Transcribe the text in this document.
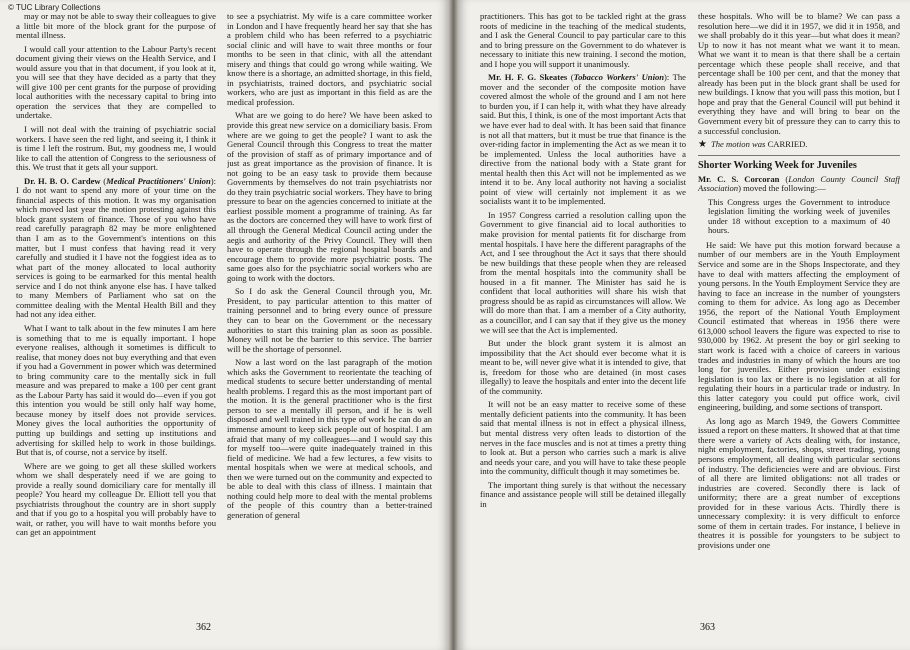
© TUC Library Collections

may or may not be able to sway their colleagues to give a little bit more of the block grant for the purpose of mental illness.

I would call your attention to the Labour Party's recent document giving their views on the Health Service, and I would assure you that in that document, if you look at it, you will see that they have decided as a party that they will give 100 per cent grants for the purpose of providing local authorities with the necessary capital to bring into operation the services that they are compelled to undertake.

I will not deal with the training of psychiatric social workers. I have seen the red light, and seeing it, I think it is time I left the rostrum. But, my goodness me, I would like to call the attention of Congress to the seriousness of this. We trust that it gets all your support.

Dr. H. B. O. Cardew (Medical Practitioners' Union): I do not want to spend any more of your time on the financial aspects of this motion. It was my organisation which moved last year the motion protesting against this block grant system of finance. Those of you who have read carefully paragraph 82 may be more enlightened than I am as to the Government's intentions on this matter, but I must confess that having read it very carefully and studied it I have not the foggiest idea as to what part of the money allocated to local authority services is going to be earmarked for this mental health service and I do not think anyone else has. I have talked to many Members of Parliament who sat on the committee dealing with the Mental Health Bill and they had not any idea either.

What I want to talk about in the few minutes I am here is something that to me is equally important. I hope everyone realises, although it sometimes is difficult to realise, that money does not buy everything and that even if you had a Government in power which was determined to bring community care to the mentally sick in full measure and was prepared to make a 100 per cent grant as the Labour Party has said it would do—even if you got this intention you would be still only half way home, because money by itself does not provide services. Money gives the local authorities the opportunity of putting up buildings and setting up institutions and advertising for skilled help to work in those buildings. But that is, of course, not a service by itself.

Where are we going to get all these skilled workers whom we shall desperately need if we are going to provide a really sound domiciliary care for mentally ill people? You heard my colleague Dr. Elliott tell you that psychiatrists throughout the country are in short supply and that if you go to a hospital you will probably have to wait, or rather, you will have to wait months before you can get an appointment

to see a psychiatrist. My wife is a care committee worker in London and I have frequently heard her say that she has a problem child who has been referred to a psychiatric social clinic and will have to wait three months or four months to be seen in that clinic, with all the attendant misery and things that could go wrong while waiting. We know there is a shortage, an admitted shortage, in this field, in psychiatrists, trained doctors, and psychiatric social workers, who are just as important in this field as are the medical profession.

What are we going to do here? We have been asked to provide this great new service on a domiciliary basis. From where are we going to get the people? I want to ask the General Council through this Congress to treat the matter of the provision of staff as of primary importance and of just as great importance as the provision of finance. It is not going to be an easy task to provide them because Governments by themselves do not train psychiatrists nor do they train psychiatric social workers. They have to bring pressure to bear on the agencies concerned to initiate at the earliest possible moment a programme of training. As far as the doctors are concerned they will have to work first of all through the General Medical Council acting under the aegis and authority of the Privy Council. They will then have to operate through the regional hospital boards and encourage them to provide more psychiatric posts. The same goes also for the psychiatric social workers who are going to work with the doctors.

So I do ask the General Council through you, Mr. President, to pay particular attention to this matter of training personnel and to bring every ounce of pressure they can to bear on the Government or the necessary authorities to start this training plan as soon as possible. Money will not be the barrier to this service. The barrier will be the shortage of personnel.

Now a last word on the last paragraph of the motion which asks the Government to reorientate the teaching of medical students to secure better understanding of mental health problems. I regard this as the most important part of the motion. It is the general practitioner who is the first person to see a mentally ill person, and if he is well disposed and well trained in this type of work he can do an immense amount to keep sick people out of hospital. I am afraid that many of my colleagues—and I would say this for myself too—were quite inadequately trained in this field of medicine. We had a few lectures, a few visits to mental hospitals when we were at medical schools, and then we were turned out on the community and expected to be able to deal with this class of illness. I maintain that nothing could help more to deal with the mental problems of the people of this country than a better-trained generation of general

362

practitioners. This has got to be tackled right at the grass roots of medicine in the teaching of the medical students, and I ask the General Council to pay particular care to this and to bring pressure on the Government to do whatever is necessary to initiate this new training. I second the motion, and I hope you will support it unanimously.

Mr. H. F. G. Skeates (Tobacco Workers' Union): The mover and the seconder of the composite motion have covered almost the whole of the ground and I am not here to burden you, if I can help it, with what they have already said. But this, I think, is one of the most important Acts that we have ever had to deal with. It has been said that finance is not all that matters, but it must be true that finance is the over-riding factor in implementing the Act as we mean it to be implemented. Unless the local authorities have a directive from the national body with a State grant for mental health then this Act will not be implemented as we intend it to be. Any local authority not having a socialist point of view will certainly not implement it as we socialists want it to be implemented.

In 1957 Congress carried a resolution calling upon the Government to give financial aid to local authorities to make provision for mental patients fit for discharge from mental hospitals. I have here the different paragraphs of the Act, and I see throughout the Act it says that there should be new buildings that these people when they are released from the mental hospitals into the community shall be housed in a fit manner. The Minister has said he is confident that local authorities will share his wish that progress should be as rapid as circumstances will allow. We will do more than that. I am a member of a City authority, as a councillor, and I can say that if they give us the money we will see that the Act is implemented.

But under the block grant system it is almost an impossibility that the Act should ever become what it is meant to be, will never give what it is intended to give, that is, freedom for those who are detained (in most cases illegally) to leave the hospitals and enter into the decent life of the community.

It will not be an easy matter to receive some of these mentally deficient patients into the community. It has been said that mental illness is not in effect a physical illness, but mental distress very often leads to distortion of the nerves in the face muscles and is not at times a pretty thing to look at. But a person who carries such a mark is alive and needs your care, and you will have to take these people into the community, difficult though it may sometimes be.

The important thing surely is that without the necessary finance and assistance people will still be detained illegally in

these hospitals. Who will be to blame? We can pass a resolution here—we did it in 1957, we did it in 1958, and we shall probably do it this year—but what does it mean? Up to now it has not meant what we want it to mean. What we want it to mean is that there shall be a certain percentage which these people shall receive, and that percentage shall be 100 per cent, and that the money that already has been put in the block grant shall be used for new buildings. I know that you will pass this motion, but I hope and pray that the General Council will put behind it everything they have and will bring to bear on the Government every bit of pressure they can to carry this to a successful conclusion.

★ The motion was CARRIED.

Shorter Working Week for Juveniles

Mr. C. S. Corcoran (London County Council Staff Association) moved the following:—

This Congress urges the Government to introduce legislation limiting the working week of juveniles under 18 without exception to a maximum of 40 hours.

He said: We have put this motion forward because a number of our members are in the Youth Employment Service and some are in the Shops Inspectorate, and they have to deal with matters affecting the employment of young persons. In the Youth Employment Service they are having to face an increase in the number of youngsters coming to them for advice. As long ago as December 1956, the report of the National Youth Employment Council estimated that whereas in 1956 there were 613,000 school leavers the figure was expected to rise to 930,000 by 1962. At present the boy or girl seeking to start work is faced with a choice of careers in various trades and industries in many of which the hours are too long for juveniles. Either provision under existing legislation is too lax or there is no legislation at all for regulating their hours in a particular trade or industry. In this latter category you could put office work, civil engineering, building, and some sections of transport.

As long ago as March 1949, the Gowers Committee issued a report on these matters. It showed that at that time there were a variety of Acts dealing with, for instance, night employment, factories, shops, street trading, young persons employment, all dealing with particular sections of industry. The deficiencies were and are obvious. First of all there are limited obligations: not all trades or industries are covered. Secondly there is lack of uniformity; there are a great number of exceptions provided for in these various Acts. Thirdly there is unnecessary complexity: it is very difficult to enforce some of them in certain trades. For instance, I believe in theatres it is possible for youngsters to be subject to provisions under one

363
